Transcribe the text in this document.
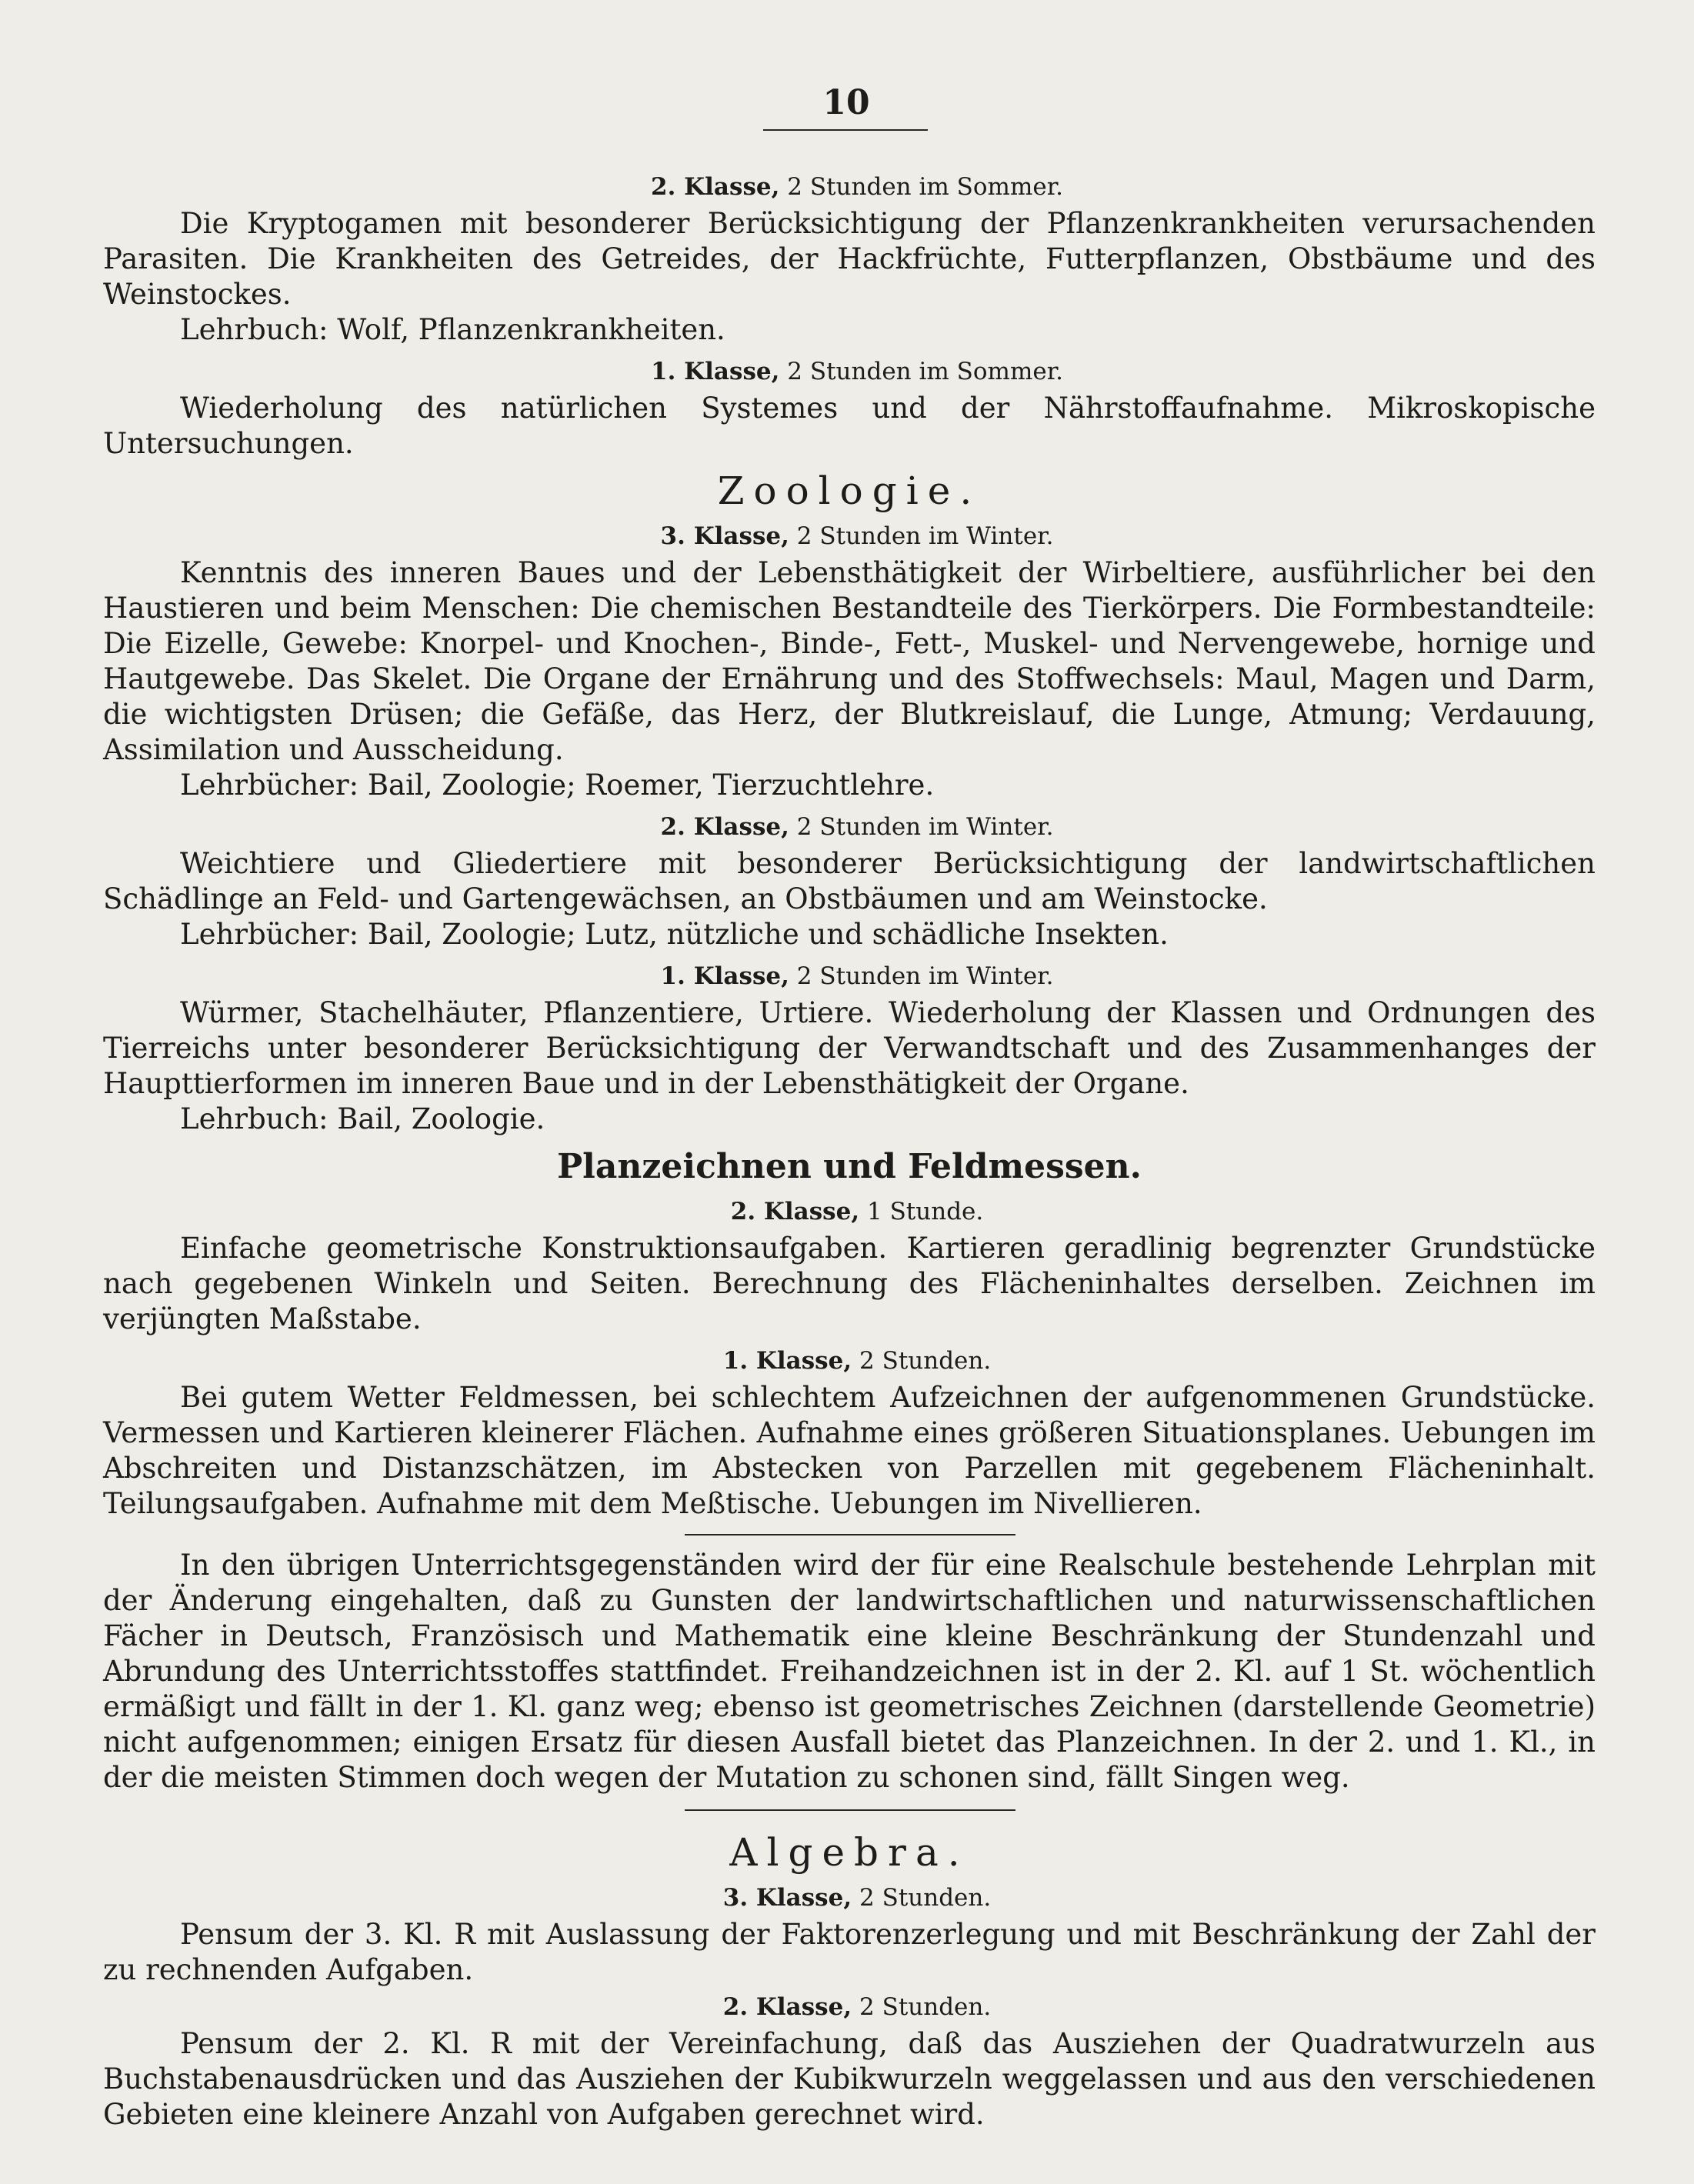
10
2. Klasse, 2 Stunden im Sommer.
Die Kryptogamen mit besonderer Berücksichtigung der Pflanzenkrankheiten verursachenden Parasiten. Die Krankheiten des Getreides, der Hackfrüchte, Futterpflanzen, Obstbäume und des Weinstockes.
Lehrbuch: Wolf, Pflanzenkrankheiten.
1. Klasse, 2 Stunden im Sommer.
Wiederholung des natürlichen Systemes und der Nährstoffaufnahme. Mikroskopische Untersuchungen.
Zoologie.
3. Klasse, 2 Stunden im Winter.
Kenntnis des inneren Baues und der Lebensthätigkeit der Wirbeltiere, ausführlicher bei den Haustieren und beim Menschen: Die chemischen Bestandteile des Tierkörpers. Die Formbestandteile: Die Eizelle, Gewebe: Knorpel- und Knochen-, Binde-, Fett-, Muskel- und Nervengewebe, hornige und Hautgewebe. Das Skelet. Die Organe der Ernährung und des Stoffwechsels: Maul, Magen und Darm, die wichtigsten Drüsen; die Gefäße, das Herz, der Blutkreislauf, die Lunge, Atmung; Verdauung, Assimilation und Ausscheidung.
Lehrbücher: Bail, Zoologie; Roemer, Tierzuchtlehre.
2. Klasse, 2 Stunden im Winter.
Weichtiere und Gliedertiere mit besonderer Berücksichtigung der landwirtschaftlichen Schädlinge an Feld- und Gartengewächsen, an Obstbäumen und am Weinstocke.
Lehrbücher: Bail, Zoologie; Lutz, nützliche und schädliche Insekten.
1. Klasse, 2 Stunden im Winter.
Würmer, Stachelhäuter, Pflanzentiere, Urtiere. Wiederholung der Klassen und Ordnungen des Tierreichs unter besonderer Berücksichtigung der Verwandtschaft und des Zusammenhanges der Haupttierformen im inneren Baue und in der Lebensthätigkeit der Organe.
Lehrbuch: Bail, Zoologie.
Planzeichnen und Feldmessen.
2. Klasse, 1 Stunde.
Einfache geometrische Konstruktionsaufgaben. Kartieren geradlinig begrenzter Grundstücke nach gegebenen Winkeln und Seiten. Berechnung des Flächeninhaltes derselben. Zeichnen im verjüngten Maßstabe.
1. Klasse, 2 Stunden.
Bei gutem Wetter Feldmessen, bei schlechtem Aufzeichnen der aufgenommenen Grundstücke. Vermessen und Kartieren kleinerer Flächen. Aufnahme eines größeren Situationsplanes. Uebungen im Abschreiten und Distanzschätzen, im Abstecken von Parzellen mit gegebenem Flächeninhalt. Teilungsaufgaben. Aufnahme mit dem Meßtische. Uebungen im Nivellieren.
In den übrigen Unterrichtsgegenständen wird der für eine Realschule bestehende Lehrplan mit der Änderung eingehalten, daß zu Gunsten der landwirtschaftlichen und naturwissenschaftlichen Fächer in Deutsch, Französisch und Mathematik eine kleine Beschränkung der Stundenzahl und Abrundung des Unterrichtsstoffes stattfindet. Freihandzeichnen ist in der 2. Kl. auf 1 St. wöchentlich ermäßigt und fällt in der 1. Kl. ganz weg; ebenso ist geometrisches Zeichnen (darstellende Geometrie) nicht aufgenommen; einigen Ersatz für diesen Ausfall bietet das Planzeichnen. In der 2. und 1. Kl., in der die meisten Stimmen doch wegen der Mutation zu schonen sind, fällt Singen weg.
Algebra.
3. Klasse, 2 Stunden.
Pensum der 3. Kl. R mit Auslassung der Faktorenzerlegung und mit Beschränkung der Zahl der zu rechnenden Aufgaben.
2. Klasse, 2 Stunden.
Pensum der 2. Kl. R mit der Vereinfachung, daß das Ausziehen der Quadratwurzeln aus Buchstabenausdrücken und das Ausziehen der Kubikwurzeln weggelassen und aus den verschiedenen Gebieten eine kleinere Anzahl von Aufgaben gerechnet wird.
